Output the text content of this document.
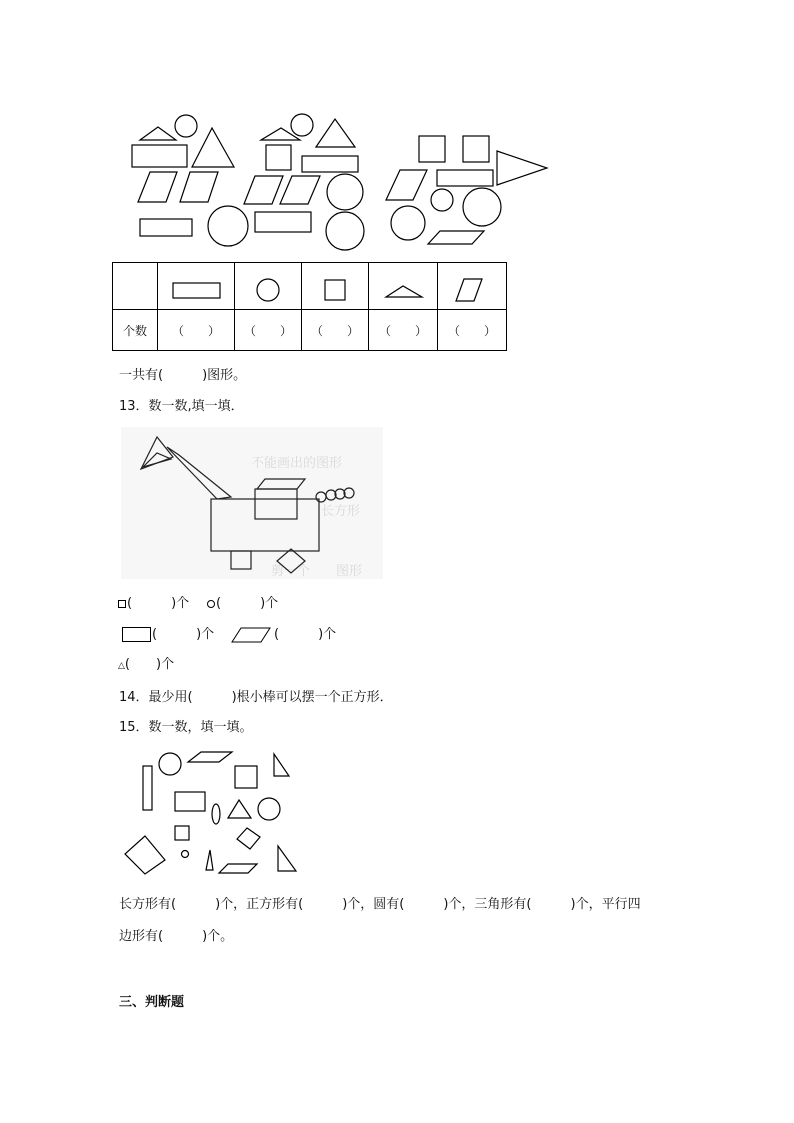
个数	（　　）	（　　）	（　　）	（　　）	（　　）
一共有(　　　)图形。
13．数一数,填一填．
不能画出的图形
长方形
剪一个　　图形
(　　　)个	(　　　)个
(　　　)个	(　　　)个
△(　　)个
14．最少用(　　　)根小棒可以摆一个正方形．
15．数一数，填一填。
长方形有(　　　)个，正方形有(　　　)个，圆有(　　　)个，三角形有(　　　)个，平行四
边形有(　　　)个。
三、判断题
